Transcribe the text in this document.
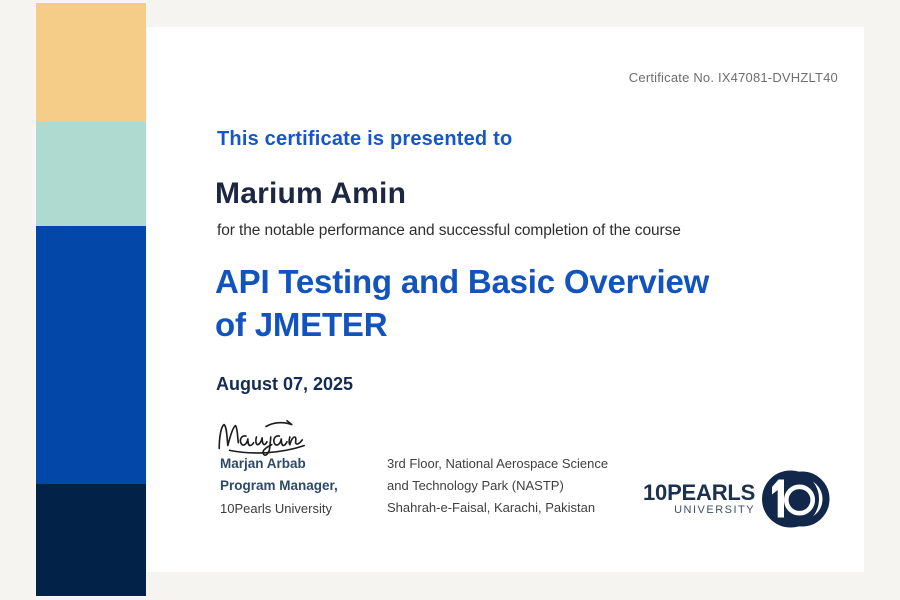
Certificate No. IX47081-DVHZLT40
This certificate is presented to
Marium Amin
for the notable performance and successful completion of the course
API Testing and Basic Overview
of JMETER
August 07, 2025
Marjan Arbab
Program Manager,
10Pearls University
3rd Floor, National Aerospace Science
and Technology Park (NASTP)
Shahrah-e-Faisal, Karachi, Pakistan
10PEARLS
UNIVERSITY
